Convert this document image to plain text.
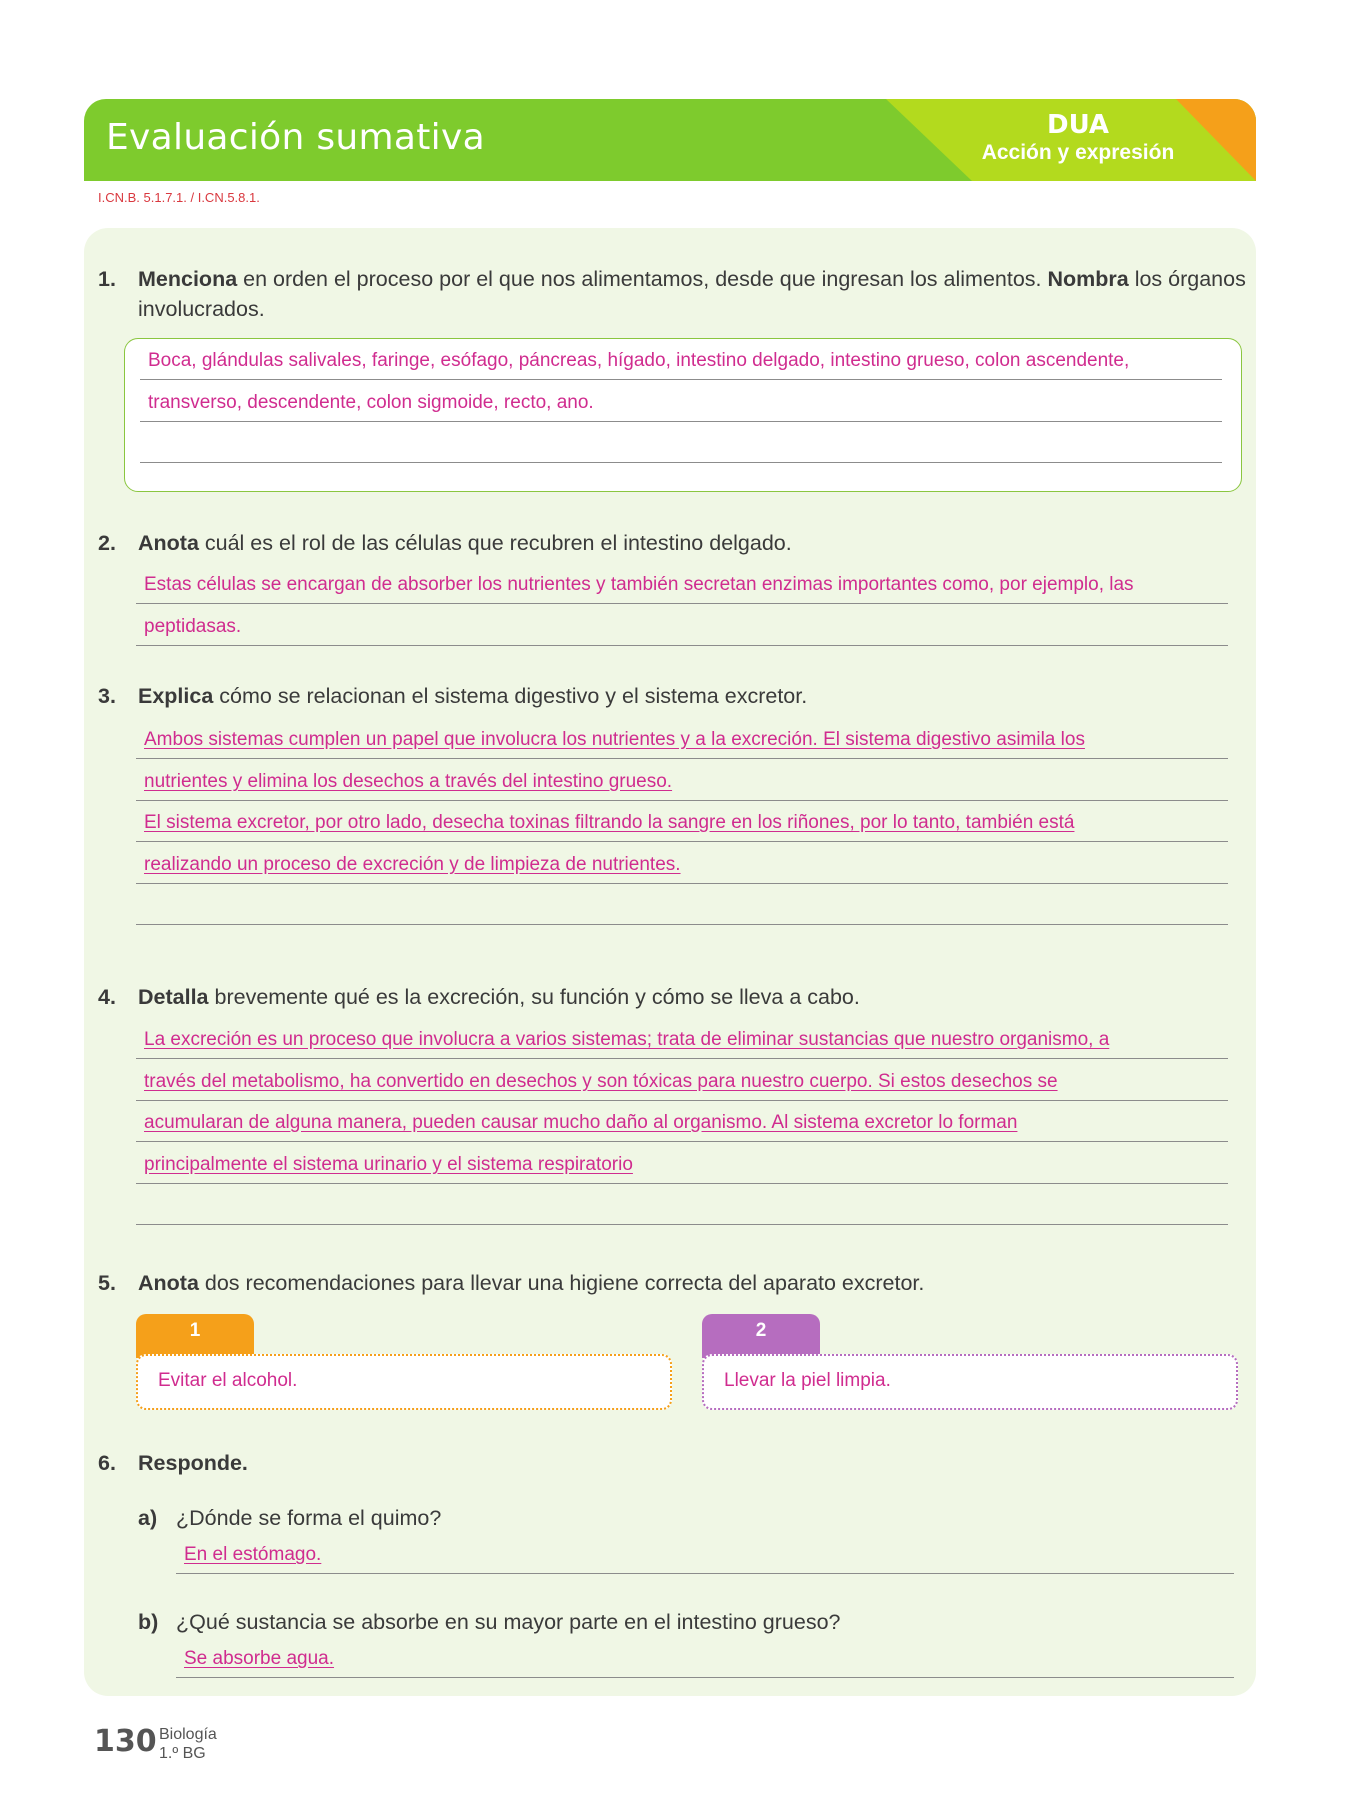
Evaluación sumativa	DUA
Acción y expresión
I.CN.B. 5.1.7.1. / I.CN.5.8.1.
1. Menciona en orden el proceso por el que nos alimentamos, desde que ingresan los alimentos. Nombra los órganos involucrados.
Boca, glándulas salivales, faringe, esófago, páncreas, hígado, intestino delgado, intestino grueso, colon ascendente,
transverso, descendente, colon sigmoide, recto, ano.
2. Anota cuál es el rol de las células que recubren el intestino delgado.
Estas células se encargan de absorber los nutrientes y también secretan enzimas importantes como, por ejemplo, las
peptidasas.
3. Explica cómo se relacionan el sistema digestivo y el sistema excretor.
Ambos sistemas cumplen un papel que involucra los nutrientes y a la excreción. El sistema digestivo asimila los
nutrientes y elimina los desechos a través del intestino grueso.
El sistema excretor, por otro lado, desecha toxinas filtrando la sangre en los riñones, por lo tanto, también está
realizando un proceso de excreción y de limpieza de nutrientes.
4. Detalla brevemente qué es la excreción, su función y cómo se lleva a cabo.
La excreción es un proceso que involucra a varios sistemas; trata de eliminar sustancias que nuestro organismo, a
través del metabolismo, ha convertido en desechos y son tóxicas para nuestro cuerpo. Si estos desechos se
acumularan de alguna manera, pueden causar mucho daño al organismo. Al sistema excretor lo forman
principalmente el sistema urinario y el sistema respiratorio
5. Anota dos recomendaciones para llevar una higiene correcta del aparato excretor.
1
Evitar el alcohol.
2
Llevar la piel limpia.
6. Responde.
a) ¿Dónde se forma el quimo?
En el estómago.
b) ¿Qué sustancia se absorbe en su mayor parte en el intestino grueso?
Se absorbe agua.
130 Biología
1.º BG
